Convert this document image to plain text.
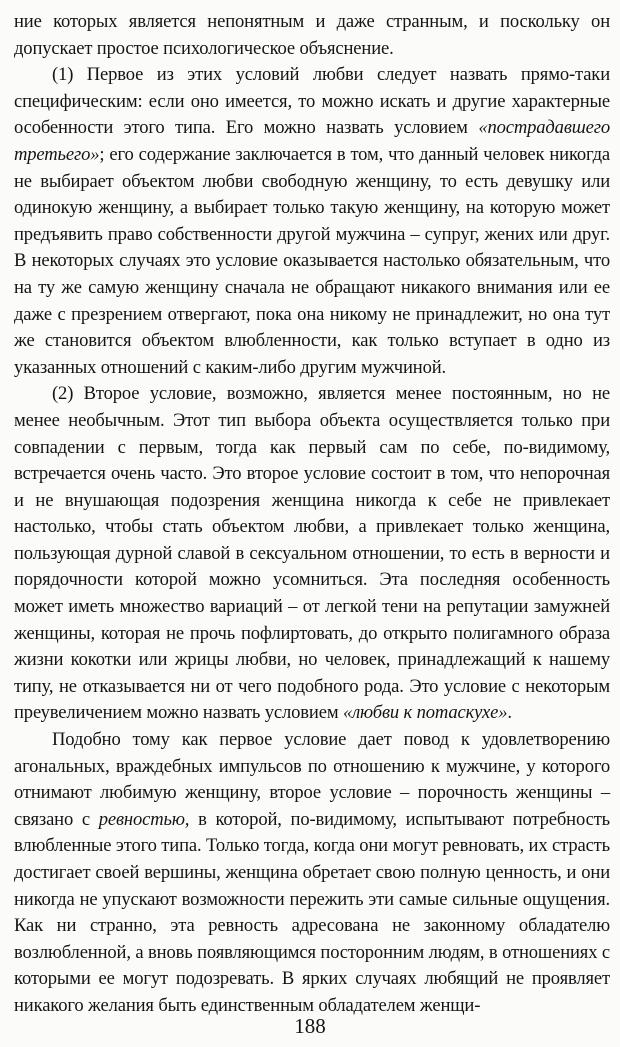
ние которых является непонятным и даже странным, и поскольку он допускает простое психологическое объяснение.

(1) Первое из этих условий любви следует назвать прямо-таки специфическим: если оно имеется, то можно искать и другие характерные особенности этого типа. Его можно назвать условием «пострадавшего третьего»; его содержание заключается в том, что данный человек никогда не выбирает объектом любви свободную женщину, то есть девушку или одинокую женщину, а выбирает только такую женщину, на которую может предъявить право собственности другой мужчина – супруг, жених или друг. В некоторых случаях это условие оказывается настолько обязательным, что на ту же самую женщину сначала не обращают никакого внимания или ее даже с презрением отвергают, пока она никому не принадлежит, но она тут же становится объектом влюбленности, как только вступает в одно из указанных отношений с каким-либо другим мужчиной.

(2) Второе условие, возможно, является менее постоянным, но не менее необычным. Этот тип выбора объекта осуществляется только при совпадении с первым, тогда как первый сам по себе, по-видимому, встречается очень часто. Это второе условие состоит в том, что непорочная и не внушающая подозрения женщина никогда к себе не привлекает настолько, чтобы стать объектом любви, а привлекает только женщина, пользующая дурной славой в сексуальном отношении, то есть в верности и порядочности которой можно усомниться. Эта последняя особенность может иметь множество вариаций – от легкой тени на репутации замужней женщины, которая не прочь пофлиртовать, до открыто полигамного образа жизни кокотки или жрицы любви, но человек, принадлежащий к нашему типу, не отказывается ни от чего подобного рода. Это условие с некоторым преувеличением можно назвать условием «любви к потаскухе».

Подобно тому как первое условие дает повод к удовлетворению агональных, враждебных импульсов по отношению к мужчине, у которого отнимают любимую женщину, второе условие – порочность женщины – связано с ревностью, в которой, по-видимому, испытывают потребность влюбленные этого типа. Только тогда, когда они могут ревновать, их страсть достигает своей вершины, женщина обретает свою полную ценность, и они никогда не упускают возможности пережить эти самые сильные ощущения. Как ни странно, эта ревность адресована не законному обладателю возлюбленной, а вновь появляющимся посторонним людям, в отношениях с которыми ее могут подозревать. В ярких случаях любящий не проявляет никакого желания быть единственным обладателем женщи-

188
